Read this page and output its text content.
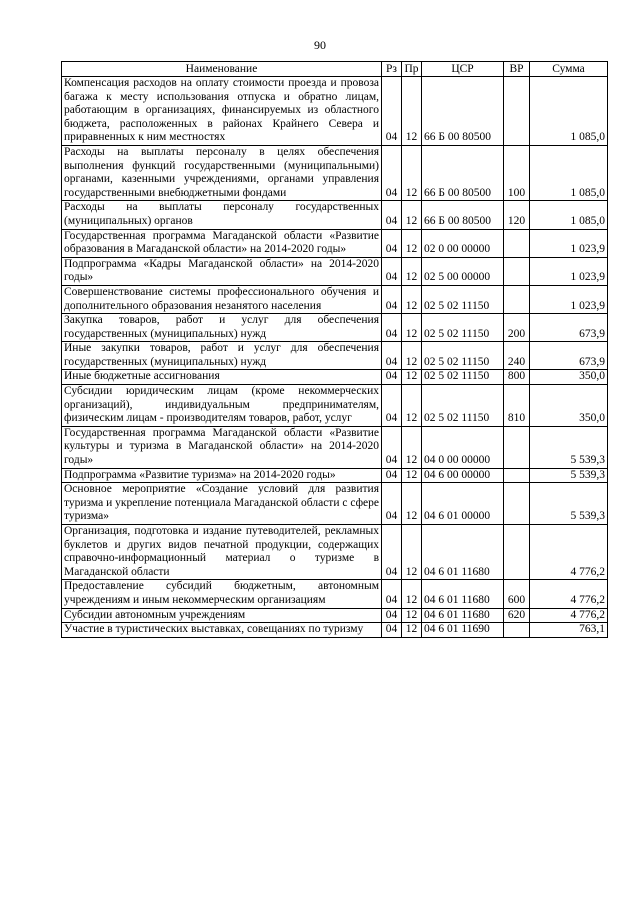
90
Наименование	Рз	Пр	ЦСР	ВР	Сумма
Компенсация расходов на оплату стоимости проезда и провоза багажа к месту использования отпуска и обратно лицам, работающим в организациях, финансируемых из областного бюджета, расположенных в районах Крайнего Севера и приравненных к ним местностях	04	12	66 Б 00 80500		1 085,0
Расходы на выплаты персоналу в целях обеспечения выполнения функций государственными (муниципальными) органами, казенными учреждениями, органами управления государственными внебюджетными фондами	04	12	66 Б 00 80500	100	1 085,0
Расходы на выплаты персоналу государственных (муниципальных) органов	04	12	66 Б 00 80500	120	1 085,0
Государственная программа Магаданской области «Развитие образования в Магаданской области» на 2014-2020 годы»	04	12	02 0 00 00000		1 023,9
Подпрограмма «Кадры Магаданской области» на 2014-2020 годы»	04	12	02 5 00 00000		1 023,9
Совершенствование системы профессионального обучения и дополнительного образования незанятого населения	04	12	02 5 02 11150		1 023,9
Закупка товаров, работ и услуг для обеспечения государственных (муниципальных) нужд	04	12	02 5 02 11150	200	673,9
Иные закупки товаров, работ и услуг для обеспечения государственных (муниципальных) нужд	04	12	02 5 02 11150	240	673,9
Иные бюджетные ассигнования	04	12	02 5 02 11150	800	350,0
Субсидии юридическим лицам (кроме некоммерческих организаций), индивидуальным предпринимателям, физическим лицам - производителям товаров, работ, услуг	04	12	02 5 02 11150	810	350,0
Государственная программа Магаданской области «Развитие культуры и туризма в Магаданской области» на 2014-2020 годы»	04	12	04 0 00 00000		5 539,3
Подпрограмма «Развитие туризма» на 2014-2020 годы»	04	12	04 6 00 00000		5 539,3
Основное мероприятие «Создание условий для развития туризма и укрепление потенциала Магаданской области с сфере туризма»	04	12	04 6 01 00000		5 539,3
Организация, подготовка и издание путеводителей, рекламных буклетов и других видов печатной продукции, содержащих справочно-информационный материал о туризме в Магаданской области	04	12	04 6 01 11680		4 776,2
Предоставление субсидий бюджетным, автономным учреждениям и иным некоммерческим организациям	04	12	04 6 01 11680	600	4 776,2
Субсидии автономным учреждениям	04	12	04 6 01 11680	620	4 776,2
Участие в туристических выставках, совещаниях по туризму	04	12	04 6 01 11690		763,1
